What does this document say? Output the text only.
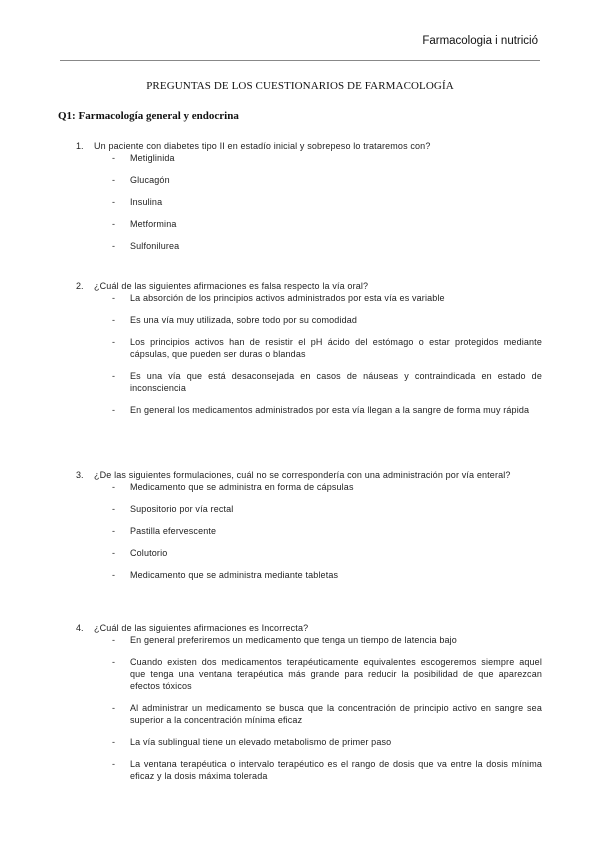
Farmacologia i nutrició
PREGUNTAS DE LOS CUESTIONARIOS DE FARMACOLOGÍA
Q1: Farmacología general y endocrina
1.	Un paciente con diabetes tipo II en estadío inicial y sobrepeso lo trataremos con?
- Metiglinida
- Glucagón
- Insulina
- Metformina
- Sulfonilurea
2.	¿Cuál de las siguientes afirmaciones es falsa respecto la vía oral?
- La absorción de los principios activos administrados por esta vía es variable
- Es una vía muy utilizada, sobre todo por su comodidad
- Los principios activos han de resistir el pH ácido del estómago o estar protegidos mediante cápsulas, que pueden ser duras o blandas
- Es una vía que está desaconsejada en casos de náuseas y contraindicada en estado de inconsciencia
- En general los medicamentos administrados por esta vía llegan a la sangre de forma muy rápida
3.	¿De las siguientes formulaciones, cuál no se correspondería con una administración por vía enteral?
- Medicamento que se administra en forma de cápsulas
- Supositorio por vía rectal
- Pastilla efervescente
- Colutorio
- Medicamento que se administra mediante tabletas
4.	¿Cuál de las siguientes afirmaciones es Incorrecta?
- En general preferiremos un medicamento que tenga un tiempo de latencia bajo
- Cuando existen dos medicamentos terapéuticamente equivalentes escogeremos siempre aquel que tenga una ventana terapéutica más grande para reducir la posibilidad de que aparezcan efectos tóxicos
- Al administrar un medicamento se busca que la concentración de principio activo en sangre sea superior a la concentración mínima eficaz
- La vía sublingual tiene un elevado metabolismo de primer paso
- La ventana terapéutica o intervalo terapéutico es el rango de dosis que va entre la dosis mínima eficaz y la dosis máxima tolerada
